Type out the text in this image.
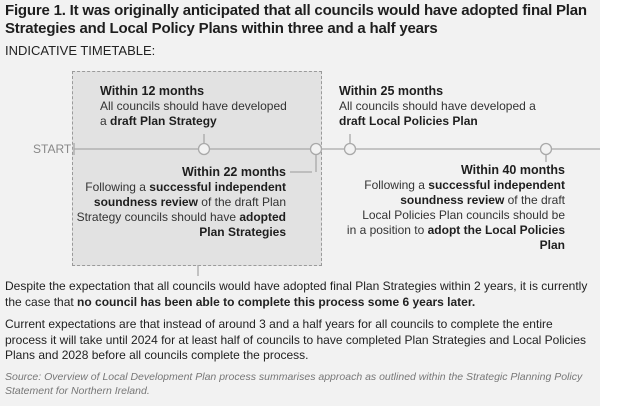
Figure 1. It was originally anticipated that all councils would have adopted final Plan Strategies and Local Policy Plans within three and a half years
INDICATIVE TIMETABLE:
START
Within 12 months
All councils should have developed
a draft Plan Strategy
Within 22 months
Following a successful independent
soundness review of the draft Plan
Strategy councils should have adopted
Plan Strategies
Within 25 months
All councils should have developed a
draft Local Policies Plan
Within 40 months
Following a successful independent
soundness review of the draft
Local Policies Plan councils should be
in a position to adopt the Local Policies
Plan
Despite the expectation that all councils would have adopted final Plan Strategies within 2 years, it is currently the case that no council has been able to complete this process some 6 years later.
Current expectations are that instead of around 3 and a half years for all councils to complete the entire process it will take until 2024 for at least half of councils to have completed Plan Strategies and Local Policies Plans and 2028 before all councils complete the process.
Source: Overview of Local Development Plan process summarises approach as outlined within the Strategic Planning Policy Statement for Northern Ireland.
